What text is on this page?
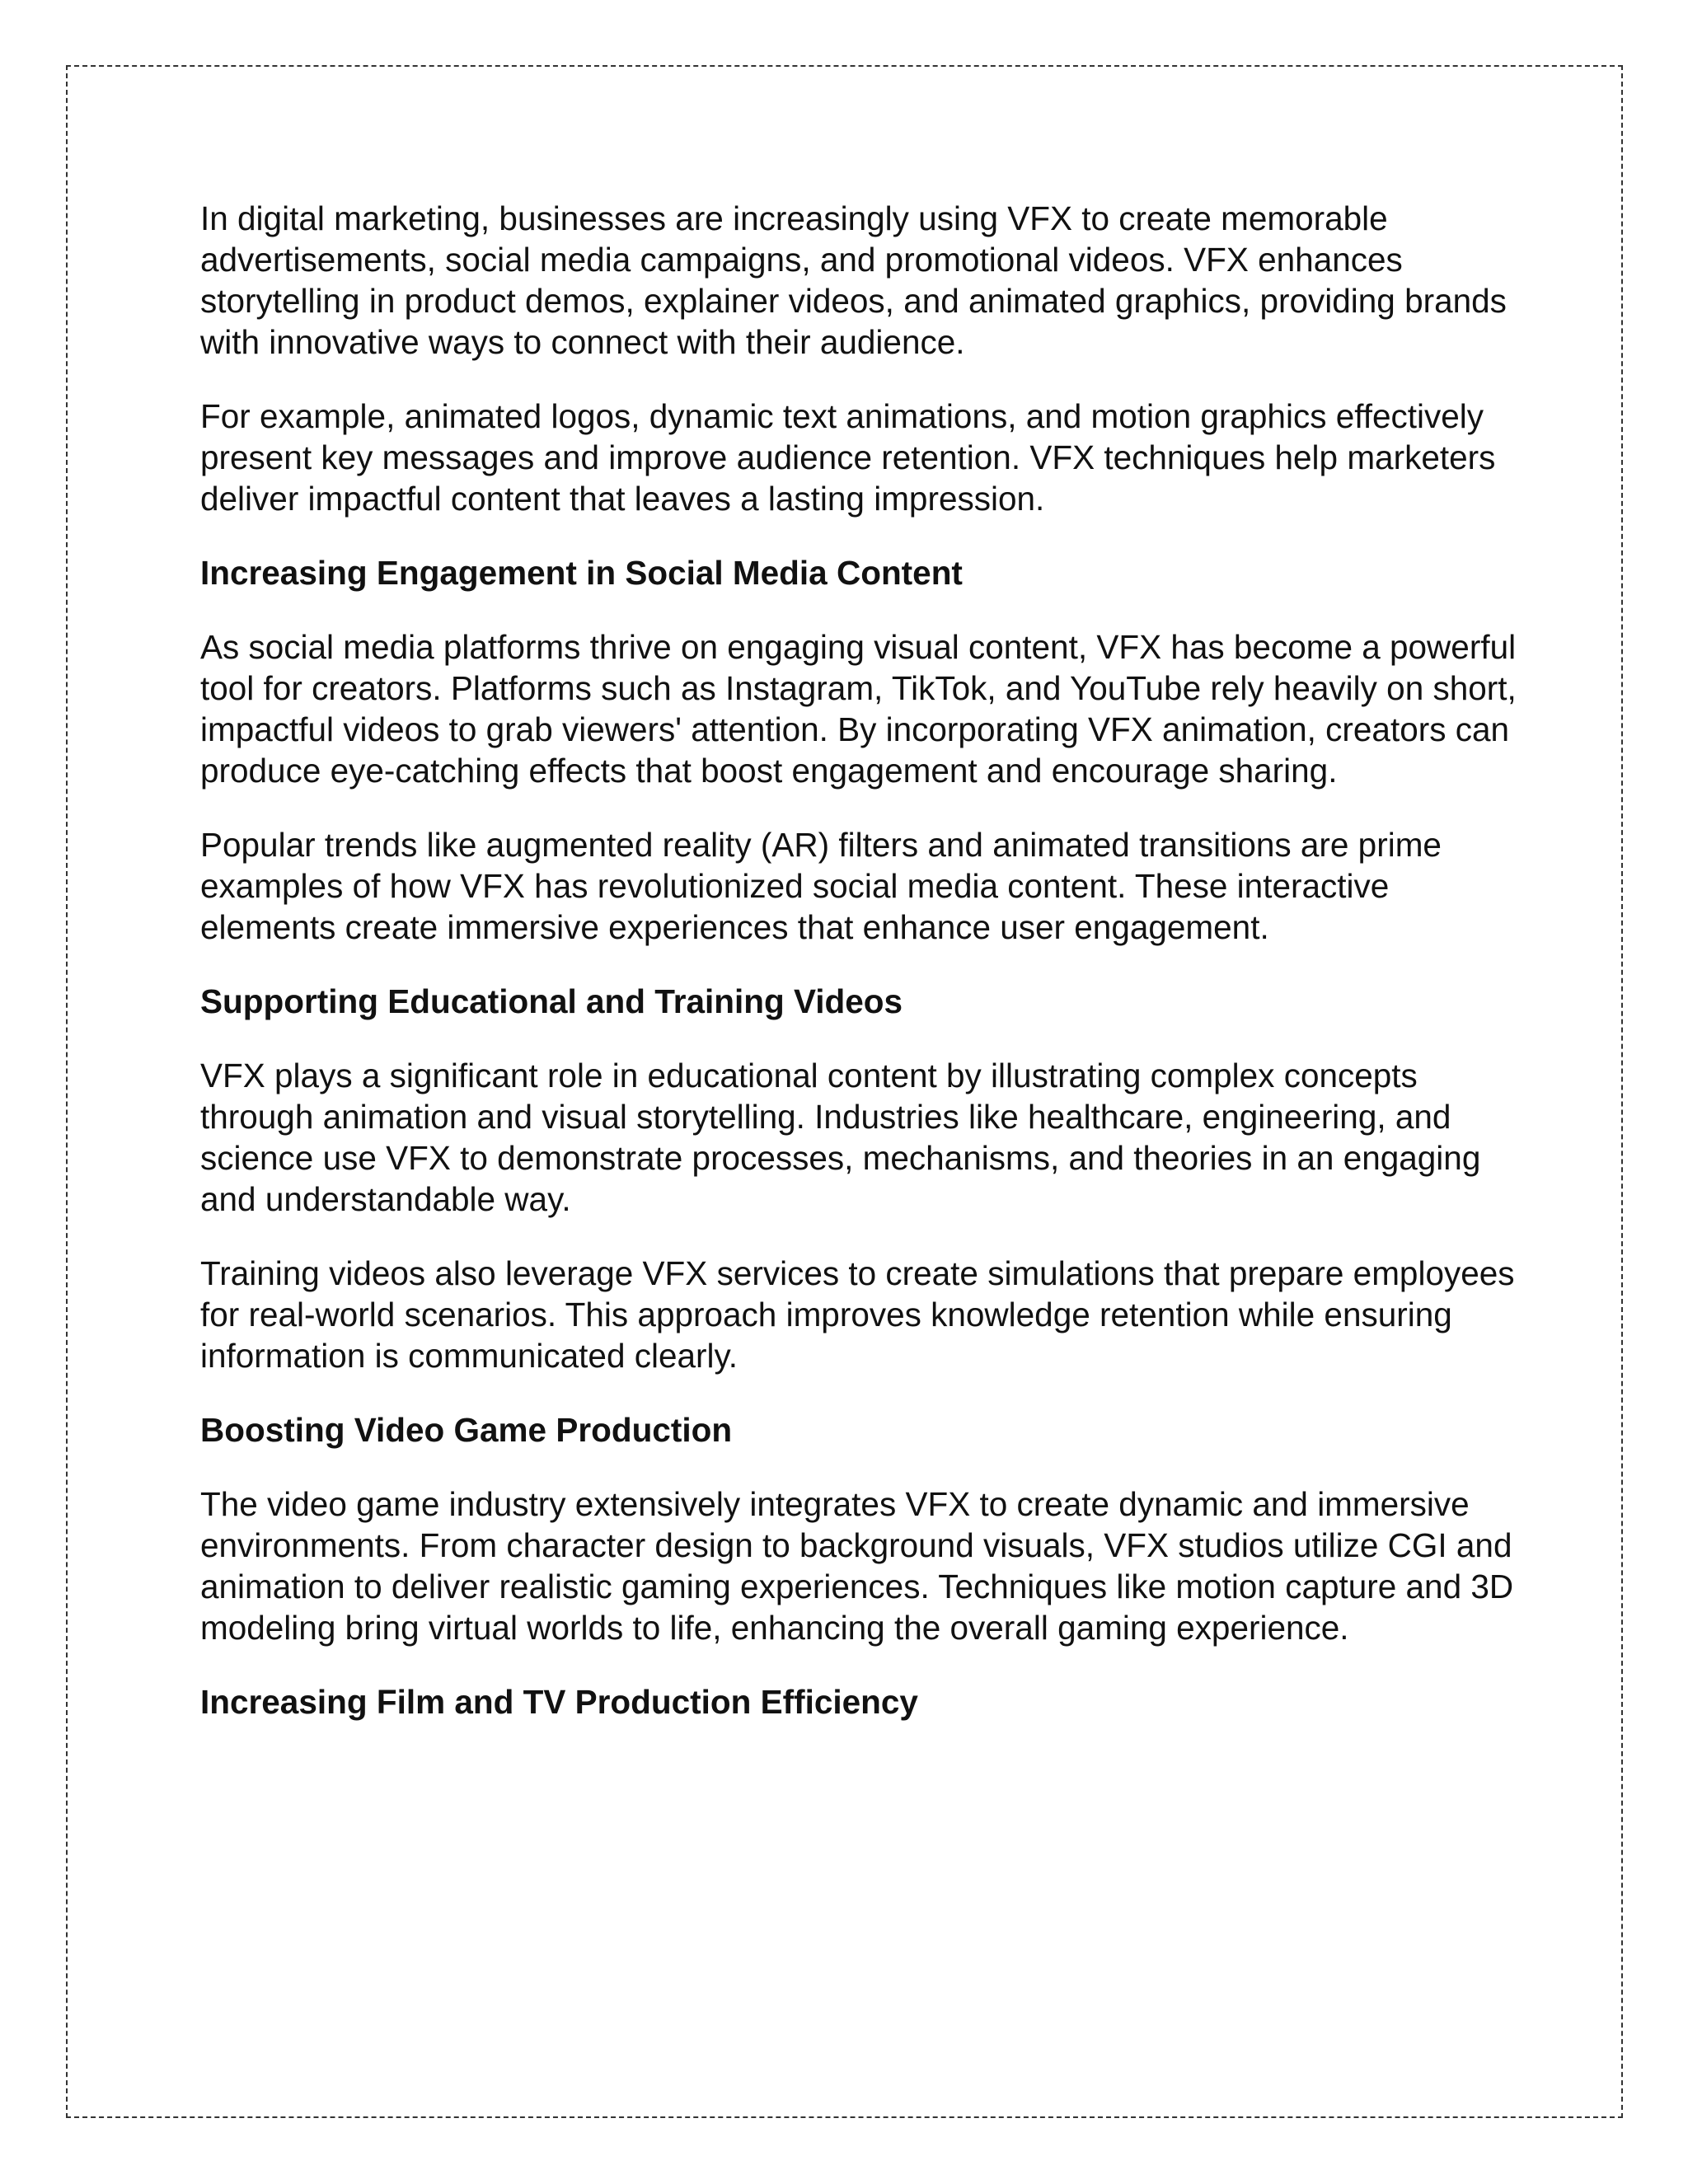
In digital marketing, businesses are increasingly using VFX to create memorable advertisements, social media campaigns, and promotional videos. VFX enhances storytelling in product demos, explainer videos, and animated graphics, providing brands with innovative ways to connect with their audience.

For example, animated logos, dynamic text animations, and motion graphics effectively present key messages and improve audience retention. VFX techniques help marketers deliver impactful content that leaves a lasting impression.

Increasing Engagement in Social Media Content

As social media platforms thrive on engaging visual content, VFX has become a powerful tool for creators. Platforms such as Instagram, TikTok, and YouTube rely heavily on short, impactful videos to grab viewers' attention. By incorporating VFX animation, creators can produce eye-catching effects that boost engagement and encourage sharing.

Popular trends like augmented reality (AR) filters and animated transitions are prime examples of how VFX has revolutionized social media content. These interactive elements create immersive experiences that enhance user engagement.

Supporting Educational and Training Videos

VFX plays a significant role in educational content by illustrating complex concepts through animation and visual storytelling. Industries like healthcare, engineering, and science use VFX to demonstrate processes, mechanisms, and theories in an engaging and understandable way.

Training videos also leverage VFX services to create simulations that prepare employees for real-world scenarios. This approach improves knowledge retention while ensuring information is communicated clearly.

Boosting Video Game Production

The video game industry extensively integrates VFX to create dynamic and immersive environments. From character design to background visuals, VFX studios utilize CGI and animation to deliver realistic gaming experiences. Techniques like motion capture and 3D modeling bring virtual worlds to life, enhancing the overall gaming experience.

Increasing Film and TV Production Efficiency
